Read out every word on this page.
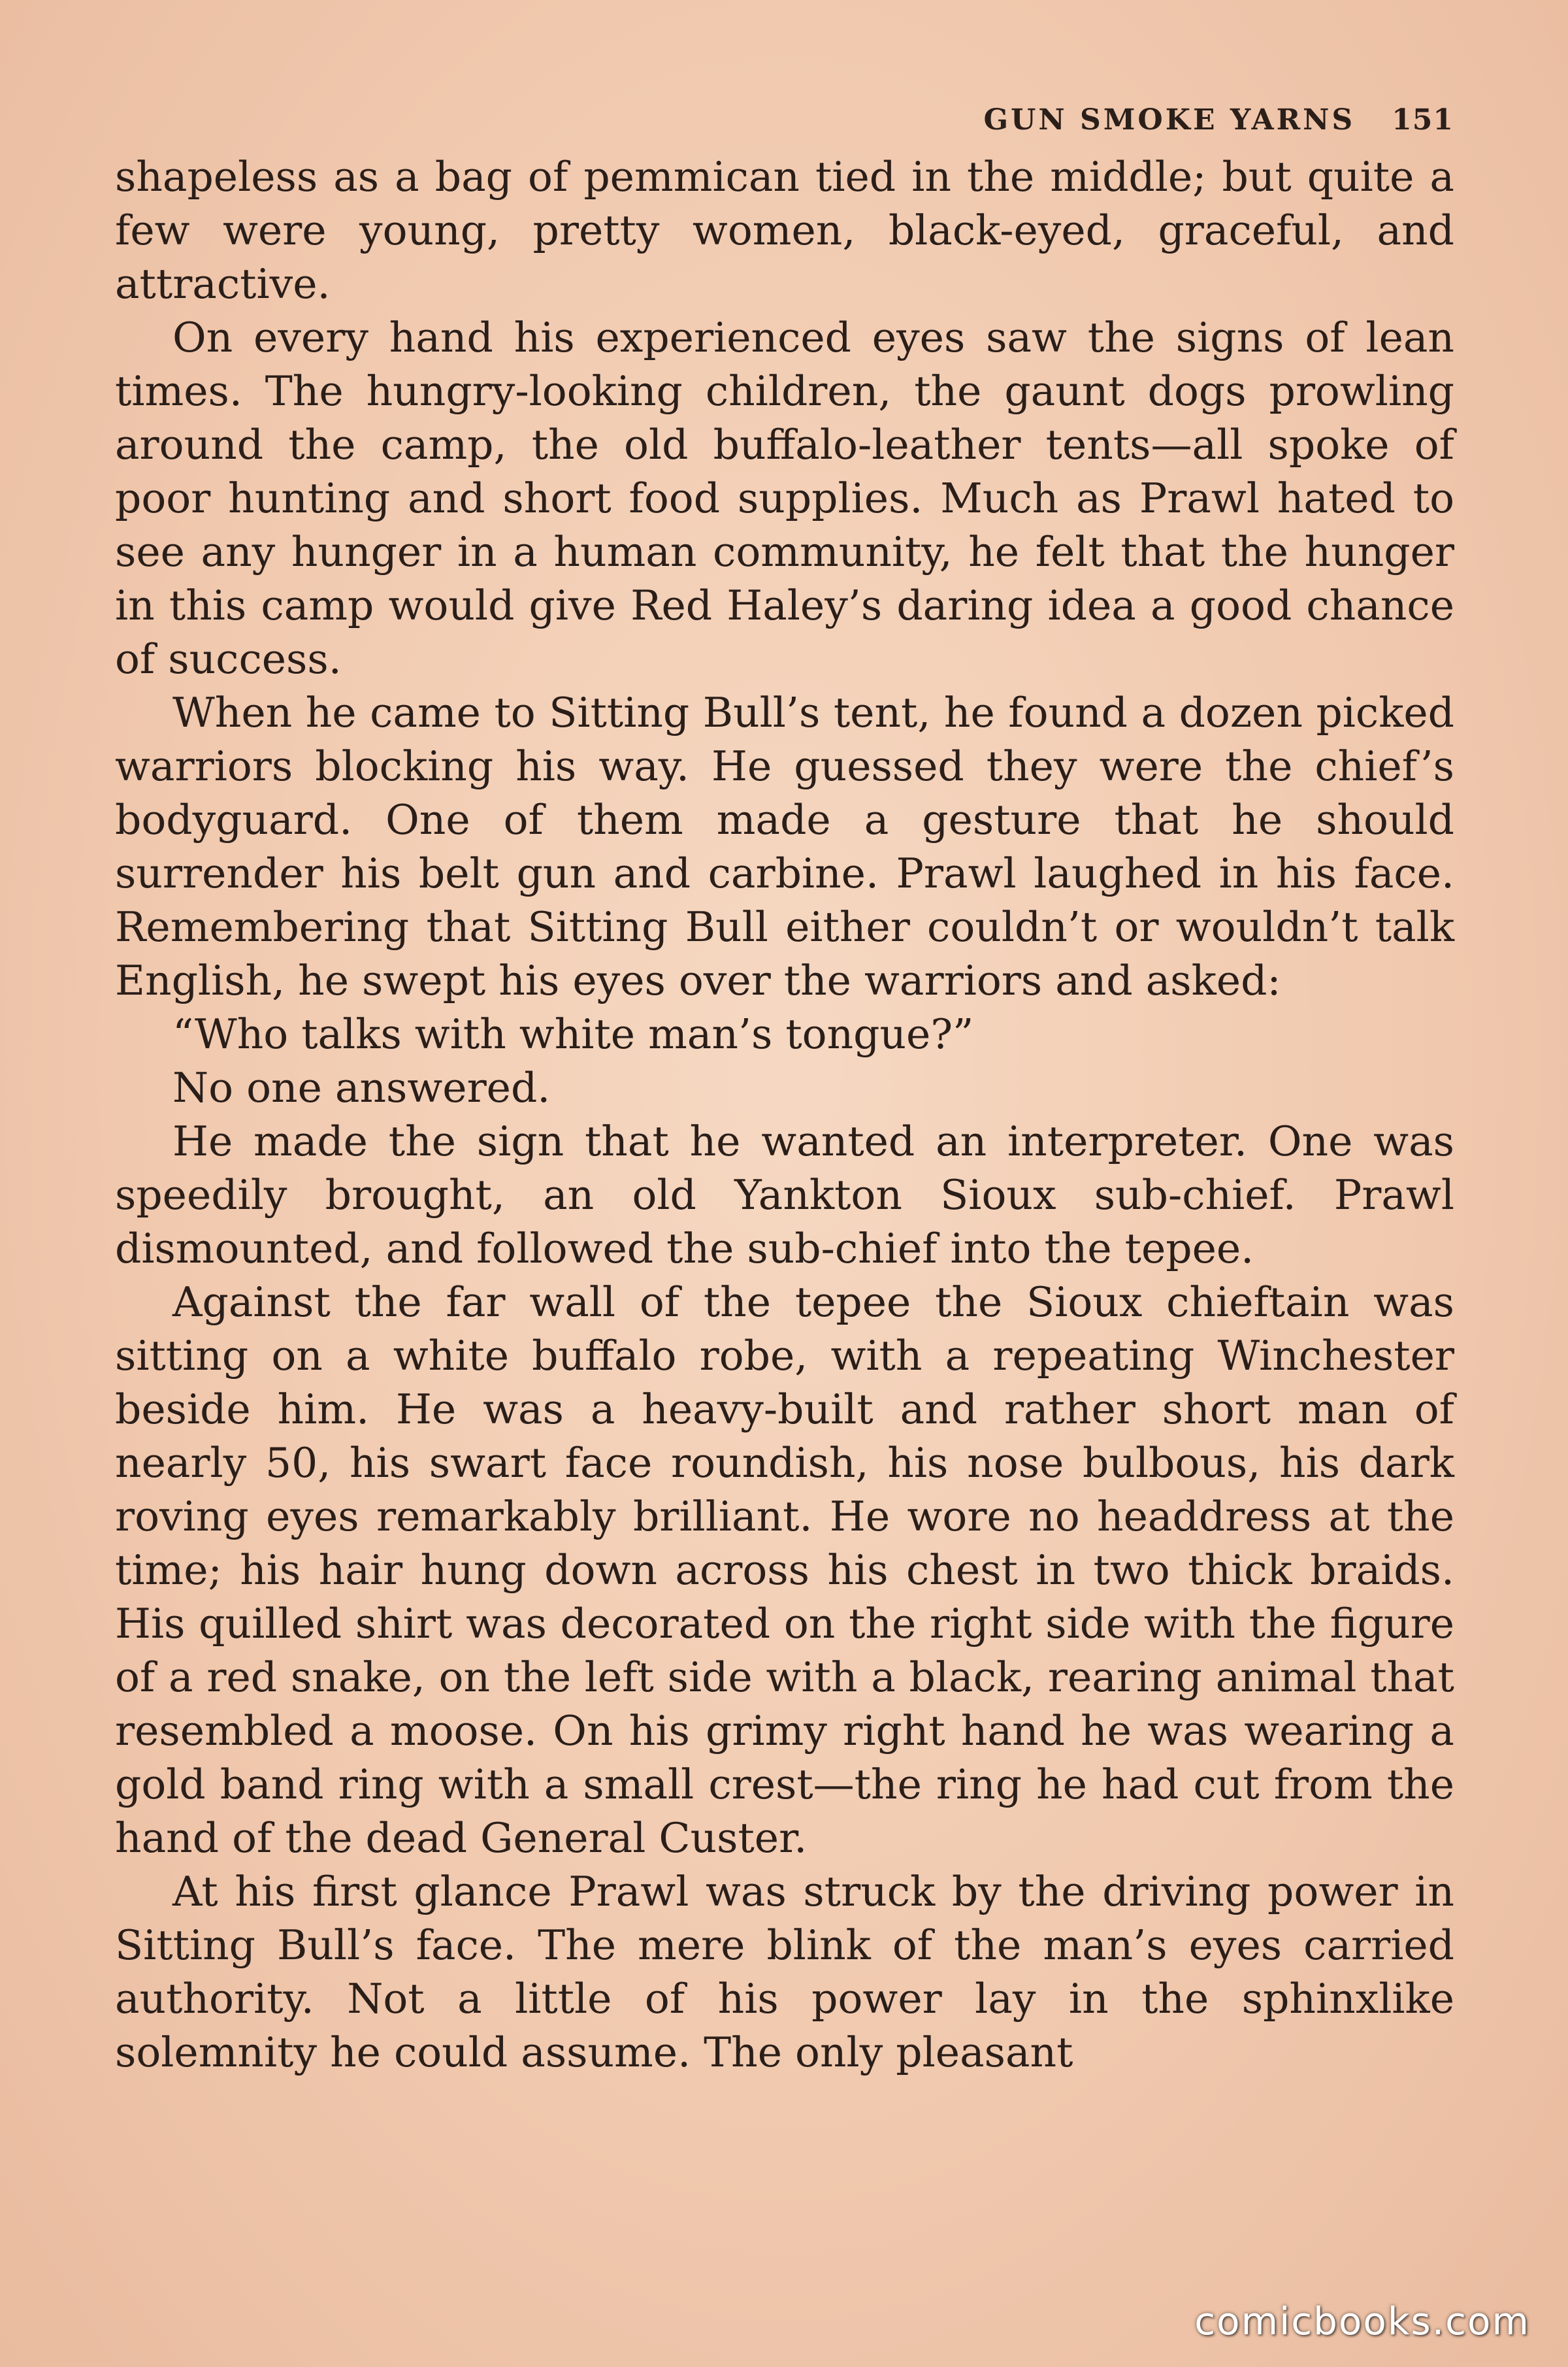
GUN SMOKE YARNS 151

shapeless as a bag of pemmican tied in the middle; but quite a few were young, pretty women, black-eyed, graceful, and attractive.

On every hand his experienced eyes saw the signs of lean times. The hungry-looking children, the gaunt dogs prowling around the camp, the old buffalo-leather tents—all spoke of poor hunting and short food supplies. Much as Prawl hated to see any hunger in a human community, he felt that the hunger in this camp would give Red Haley’s daring idea a good chance of success.

When he came to Sitting Bull’s tent, he found a dozen picked warriors blocking his way. He guessed they were the chief’s bodyguard. One of them made a gesture that he should surrender his belt gun and carbine. Prawl laughed in his face. Remembering that Sitting Bull either couldn’t or wouldn’t talk English, he swept his eyes over the warriors and asked:

“Who talks with white man’s tongue?”

No one answered.

He made the sign that he wanted an interpreter. One was speedily brought, an old Yankton Sioux sub-chief. Prawl dismounted, and followed the sub-chief into the tepee.

Against the far wall of the tepee the Sioux chieftain was sitting on a white buffalo robe, with a repeating Winchester beside him. He was a heavy-built and rather short man of nearly 50, his swart face roundish, his nose bulbous, his dark roving eyes remarkably brilliant. He wore no headdress at the time; his hair hung down across his chest in two thick braids. His quilled shirt was decorated on the right side with the figure of a red snake, on the left side with a black, rearing animal that resembled a moose. On his grimy right hand he was wearing a gold band ring with a small crest—the ring he had cut from the hand of the dead General Custer.

At his first glance Prawl was struck by the driving power in Sitting Bull’s face. The mere blink of the man’s eyes carried authority. Not a little of his power lay in the sphinxlike solemnity he could assume. The only pleasant

comicbooks.com
